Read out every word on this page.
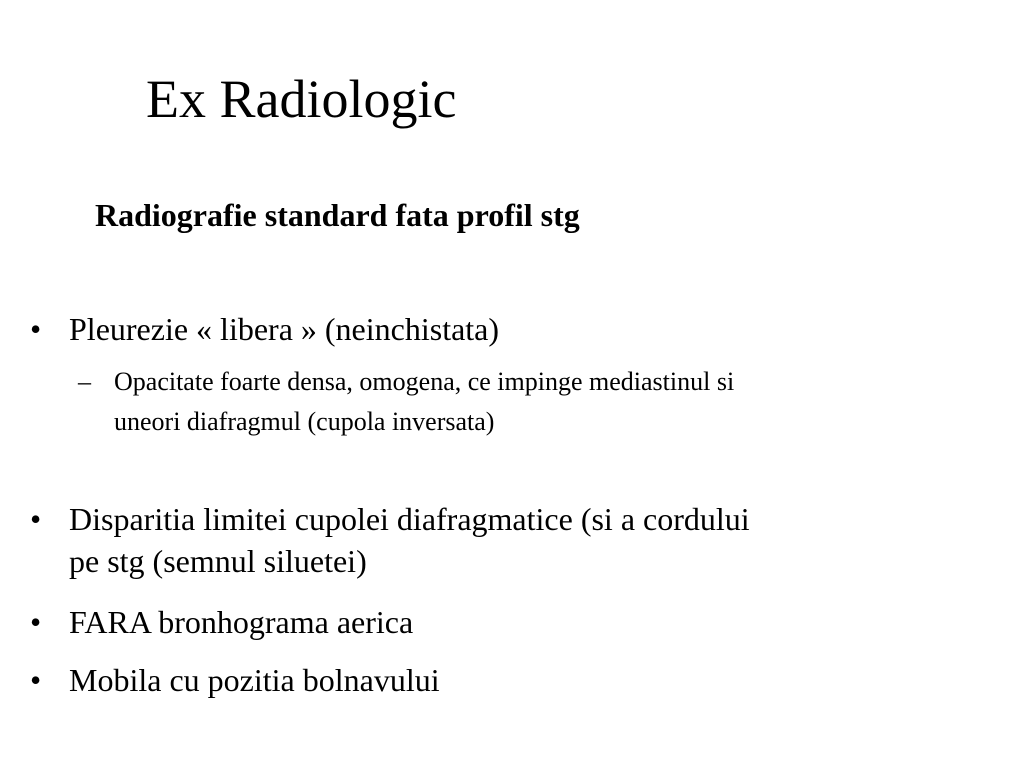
Ex Radiologic

Radiografie standard fata profil stg

• Pleurezie « libera » (neinchistata)
– Opacitate foarte densa, omogena, ce impinge mediastinul si uneori diafragmul (cupola inversata)
• Disparitia limitei cupolei diafragmatice (si a cordului pe stg (semnul siluetei)
• FARA bronhograma aerica
• Mobila cu pozitia bolnavului
